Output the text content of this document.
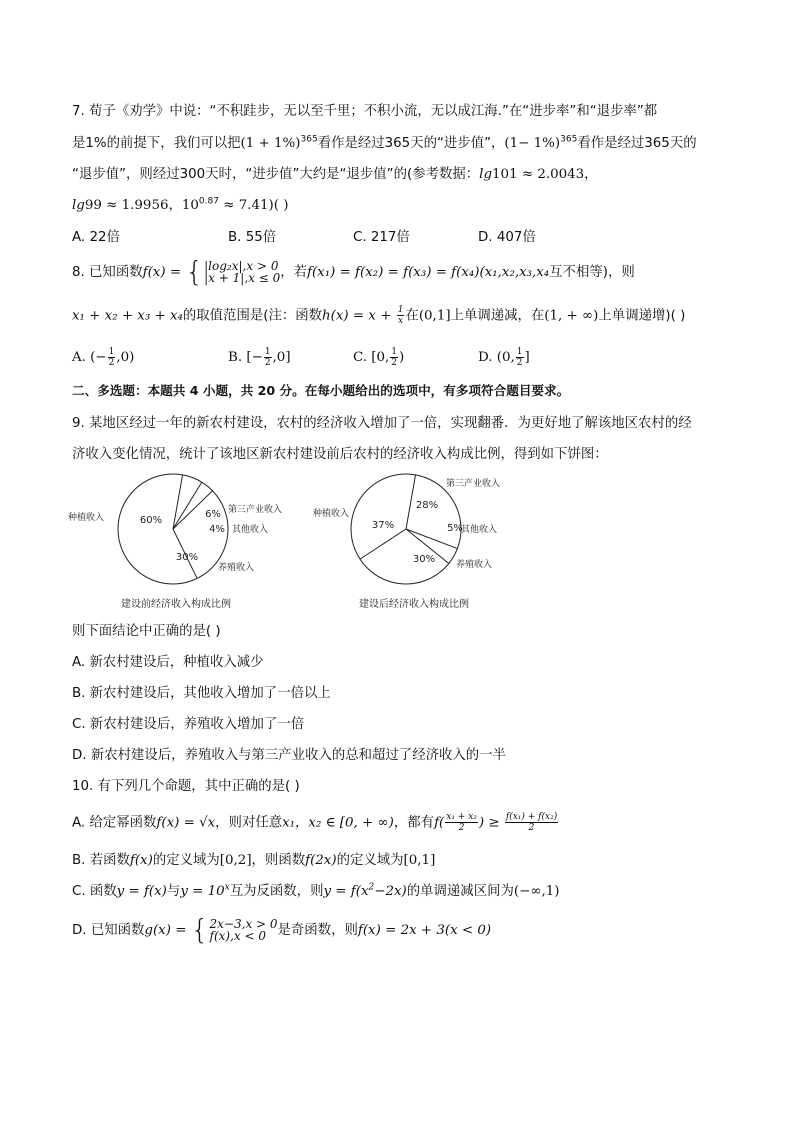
7. 荀子《劝学》中说：“不积跬步，无以至千里；不积小流，无以成江海.”在“进步率”和“退步率”都
是1%的前提下，我们可以把$(1 + 1\%)^{365}$看作是经过365天的“进步值”，$(1- 1\%)^{365}$看作是经过365天的
“退步值”，则经过300天时，“进步值”大约是“退步值”的(参考数据：lg101 ≈ 2.0043，
lg99 ≈ 1.9956，$10^{0.87} \approx 7.41$)( )
A. 22倍	B. 55倍	C. 217倍	D. 407倍
8. 已知函数f(x) = { |log₂x|,x > 0
|x + 1|,x ≤ 0 ，若f(x₁) = f(x₂) = f(x₃) = f(x₄)(x₁,x₂,x₃,x₄互不相等)，则
x₁ + x₂ + x₃ + x₄的取值范围是(注：函数$h(x) = x + \frac{1}{x}$ 在(0,1]上单调递减，在(1, + ∞)上单调递增)( )
A. (− $\frac{1}{2} ,0$)	B. [− $\frac{1}{2} ,0$]	C. [0, $\frac{1}{2}$ )	D. (0, $\frac{1}{2}$ ]
二、多选题：本题共 4 小题，共 20 分。在每小题给出的选项中，有多项符合题目要求。
9. 某地区经过一年的新农村建设，农村的经济收入增加了一倍，实现翻番．为更好地了解该地区农村的经
济收入变化情况，统计了该地区新农村建设前后农村的经济收入构成比例，得到如下饼图：
种植收入
第三产业收入
其他收入
养殖收入
60%
6%
4%
30%
建设前经济收入构成比例
种植收入
第三产业收入
其他收入
养殖收入
37%
28%
5%
30%
建设后经济收入构成比例
则下面结论中正确的是( )
A. 新农村建设后，种植收入减少
B. 新农村建设后，其他收入增加了一倍以上
C. 新农村建设后，养殖收入增加了一倍
D. 新农村建设后，养殖收入与第三产业收入的总和超过了经济收入的一半
10. 有下列几个命题，其中正确的是( )
A. 给定幂函数f(x) = √x，则对任意x₁，x₂ ∈ [0, + ∞)，都有$f( \frac{\text{x₁ + x₂}}{2}$ ) ≥ $\frac{\text{f(x₁) + f(x₂)}}{2}$
B. 若函数f(x)的定义域为[0,2]，则函数f(2x)的定义域为[0,1]
C. 函数y = f(x)与$y = 10^x$互为反函数，则$y = f(x^2-2x)$的单调递减区间为(−∞,1)
D. 已知函数g(x) = { 2x−3,x > 0
f(x),x < 0 是奇函数，则f(x) = 2x + 3(x < 0)
